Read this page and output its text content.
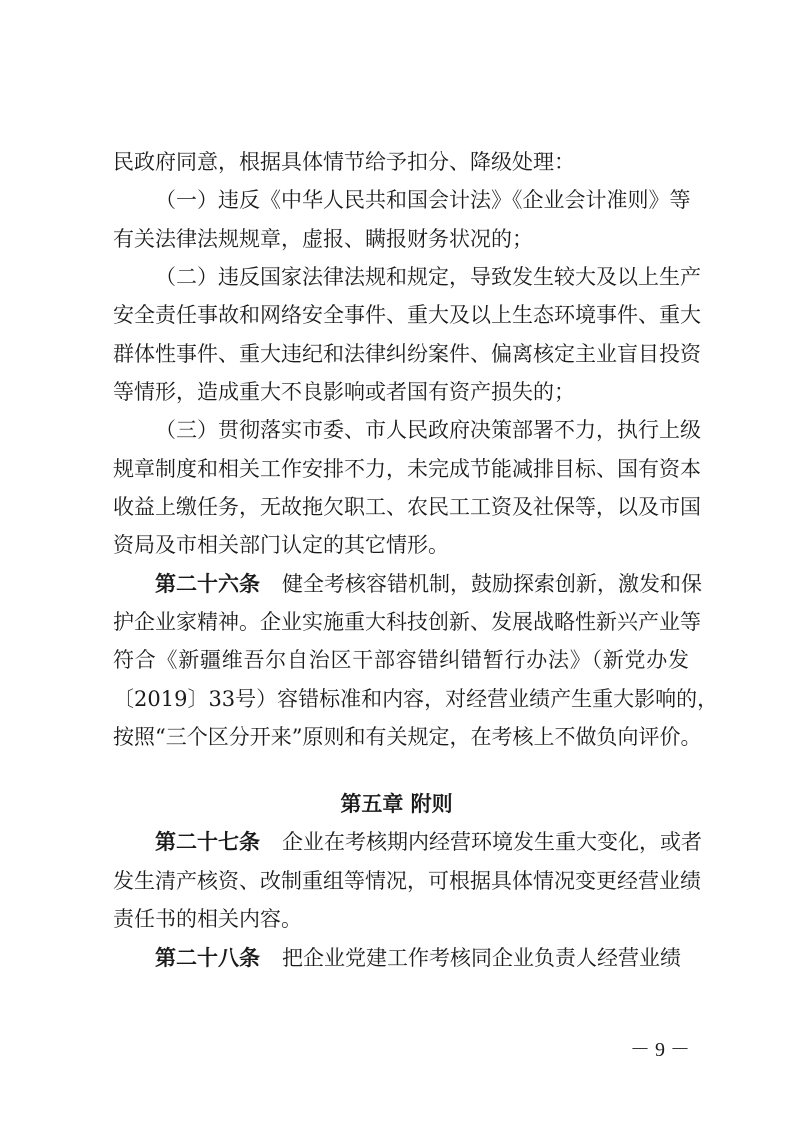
民政府同意，根据具体情节给予扣分、降级处理：
（一）违反《中华人民共和国会计法》《企业会计准则》等
有关法律法规规章，虚报、瞒报财务状况的；
（二）违反国家法律法规和规定，导致发生较大及以上生产
安全责任事故和网络安全事件、重大及以上生态环境事件、重大
群体性事件、重大违纪和法律纠纷案件、偏离核定主业盲目投资
等情形，造成重大不良影响或者国有资产损失的；
（三）贯彻落实市委、市人民政府决策部署不力，执行上级
规章制度和相关工作安排不力，未完成节能减排目标、国有资本
收益上缴任务，无故拖欠职工、农民工工资及社保等，以及市国
资局及市相关部门认定的其它情形。
第二十六条 健全考核容错机制，鼓励探索创新，激发和保
护企业家精神。企业实施重大科技创新、发展战略性新兴产业等
符合《新疆维吾尔自治区干部容错纠错暂行办法》（新党办发
〔2019〕33号）容错标准和内容，对经营业绩产生重大影响的，
按照“三个区分开来”原则和有关规定，在考核上不做负向评价。
第五章 附则
第二十七条 企业在考核期内经营环境发生重大变化，或者
发生清产核资、改制重组等情况，可根据具体情况变更经营业绩
责任书的相关内容。
第二十八条 把企业党建工作考核同企业负责人经营业绩
－ 9 －
